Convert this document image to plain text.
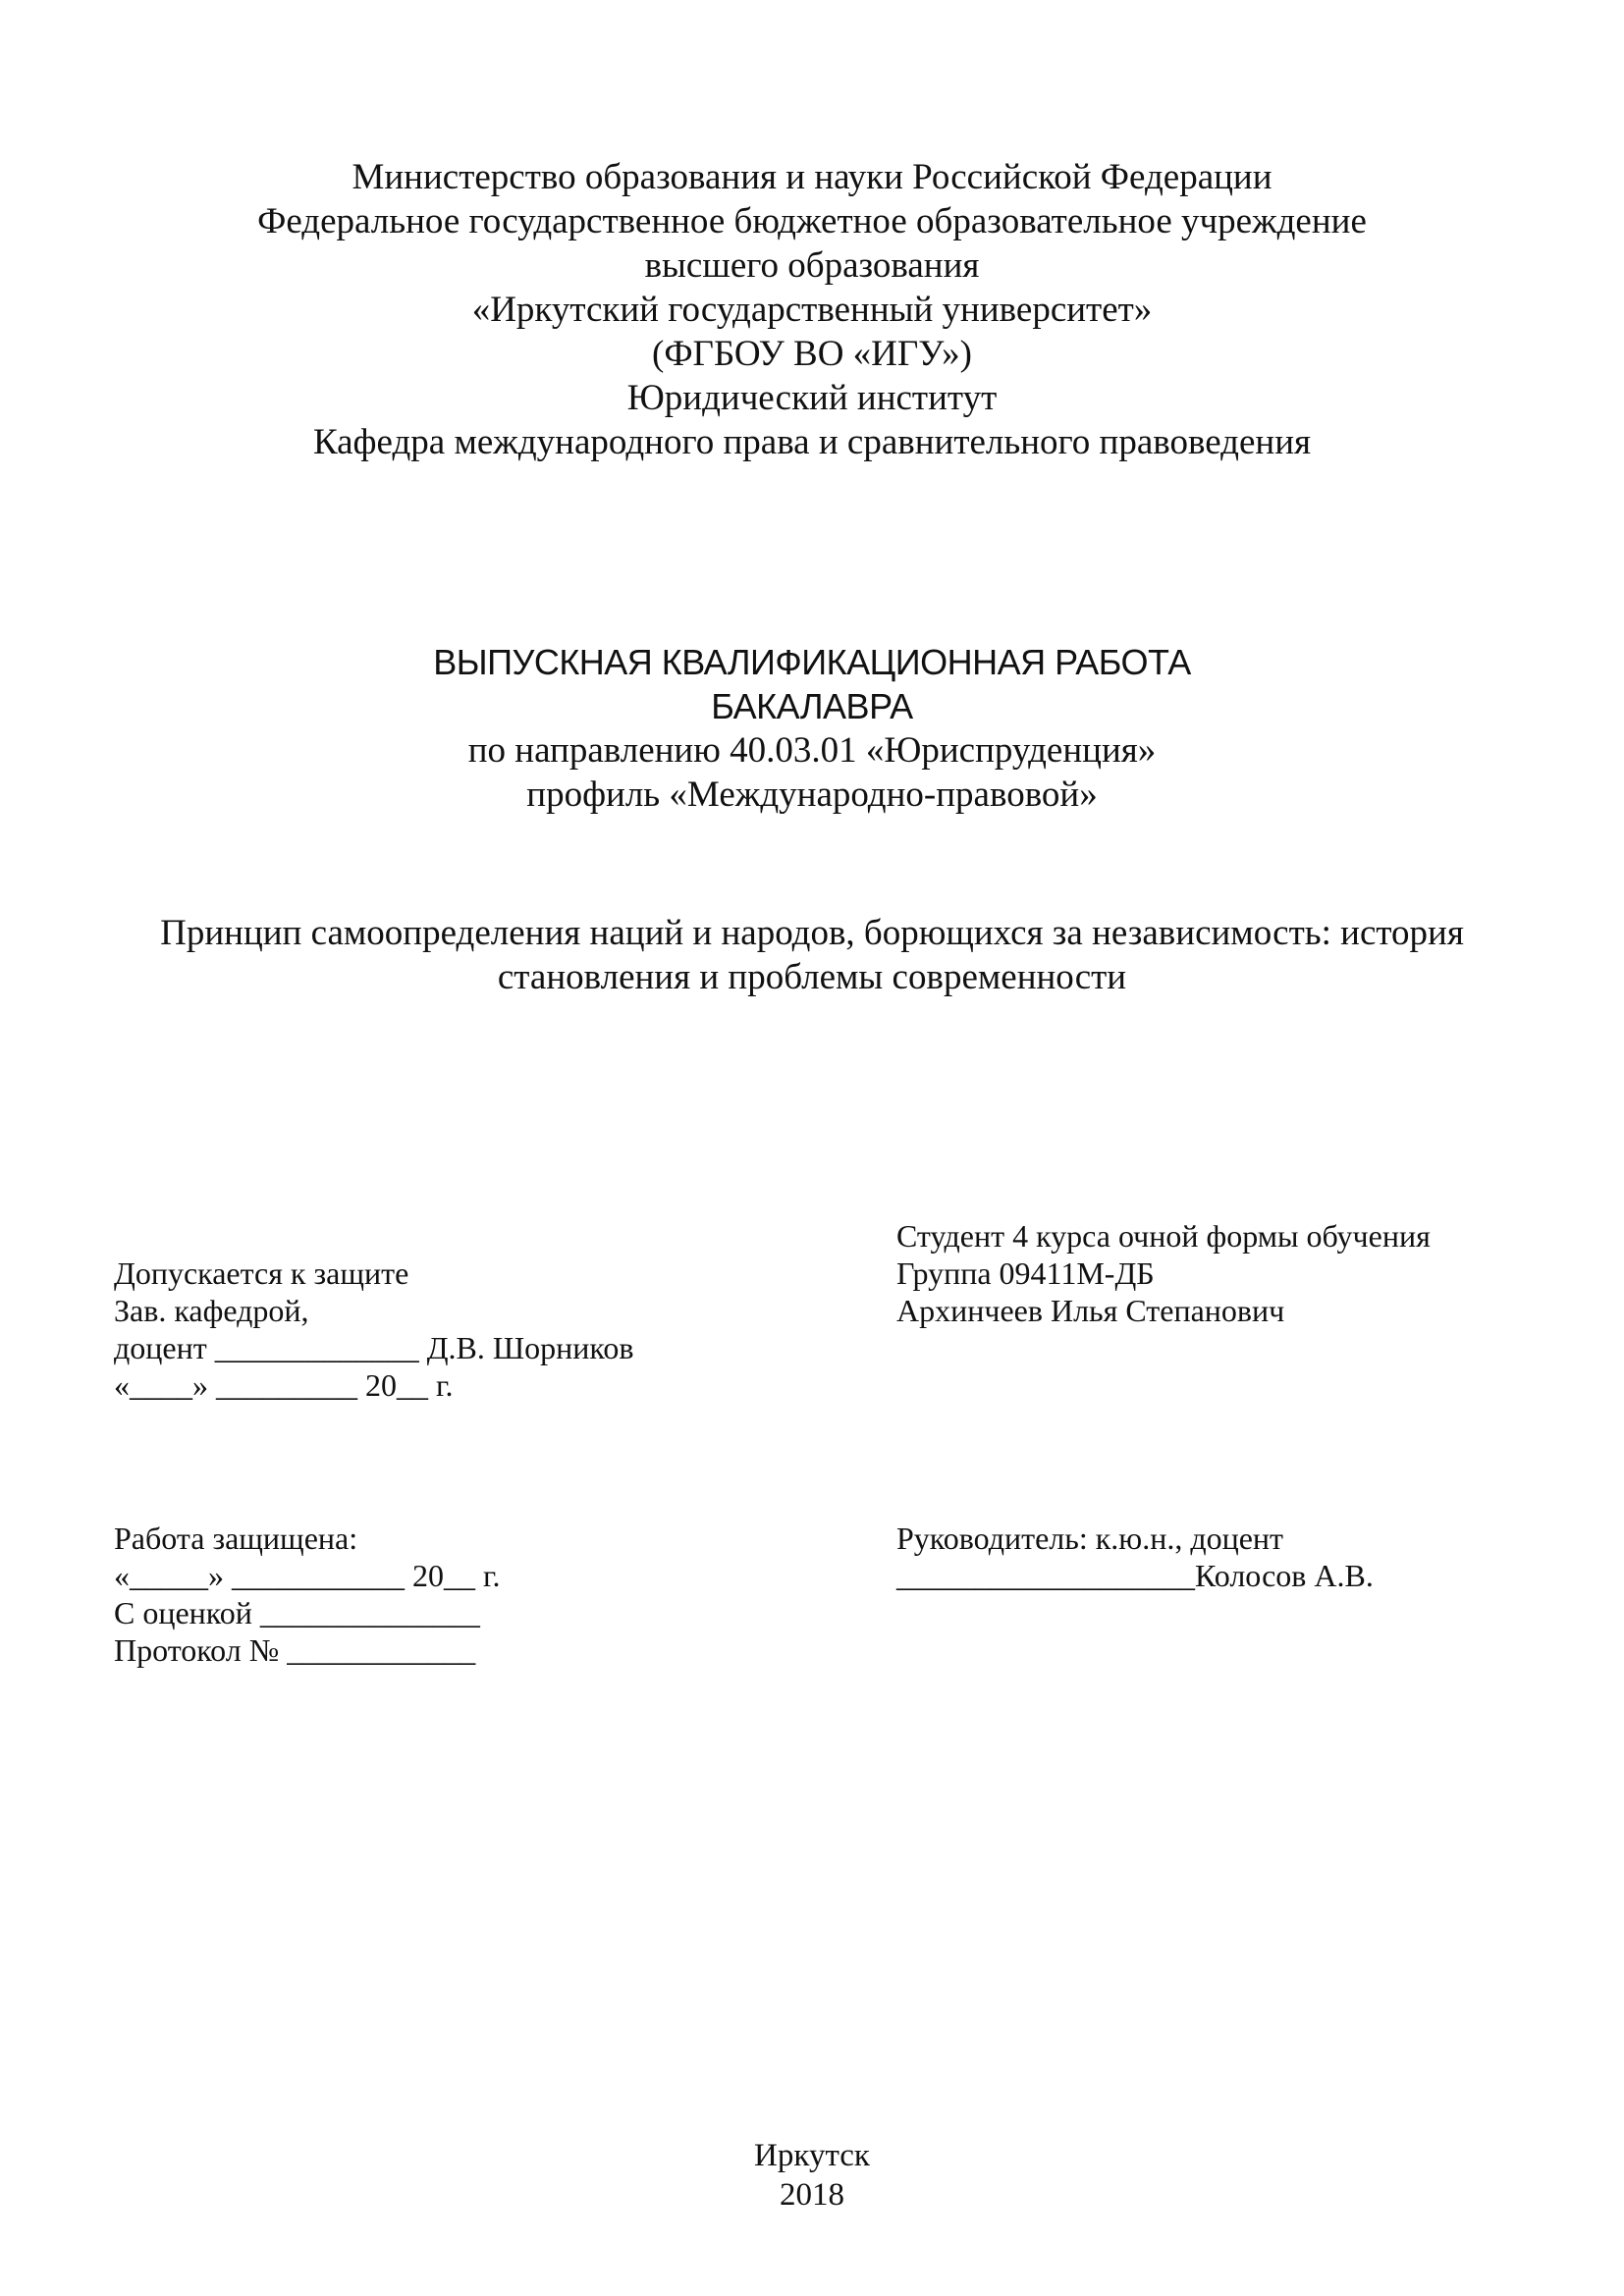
Министерство образования и науки Российской Федерации
Федеральное государственное бюджетное образовательное учреждение
высшего образования
«Иркутский государственный университет»
(ФГБОУ ВО «ИГУ»)
Юридический институт
Кафедра международного права и сравнительного правоведения
ВЫПУСКНАЯ КВАЛИФИКАЦИОННАЯ РАБОТА
БАКАЛАВРА
по направлению 40.03.01 «Юриспруденция»
профиль «Международно-правовой»
Принцип самоопределения наций и народов, борющихся за независимость: история
становления и проблемы современности
Студент 4 курса очной формы обучения
Группа 09411М-ДБ
Архинчеев Илья Степанович
Допускается к защите
Зав. кафедрой,
доцент _____________ Д.В. Шорников
«____» _________ 20__ г.
Работа защищена:
«_____» ___________ 20__ г.
С оценкой ______________
Протокол № ____________
Руководитель: к.ю.н., доцент
___________________Колосов А.В.
Иркутск
2018
